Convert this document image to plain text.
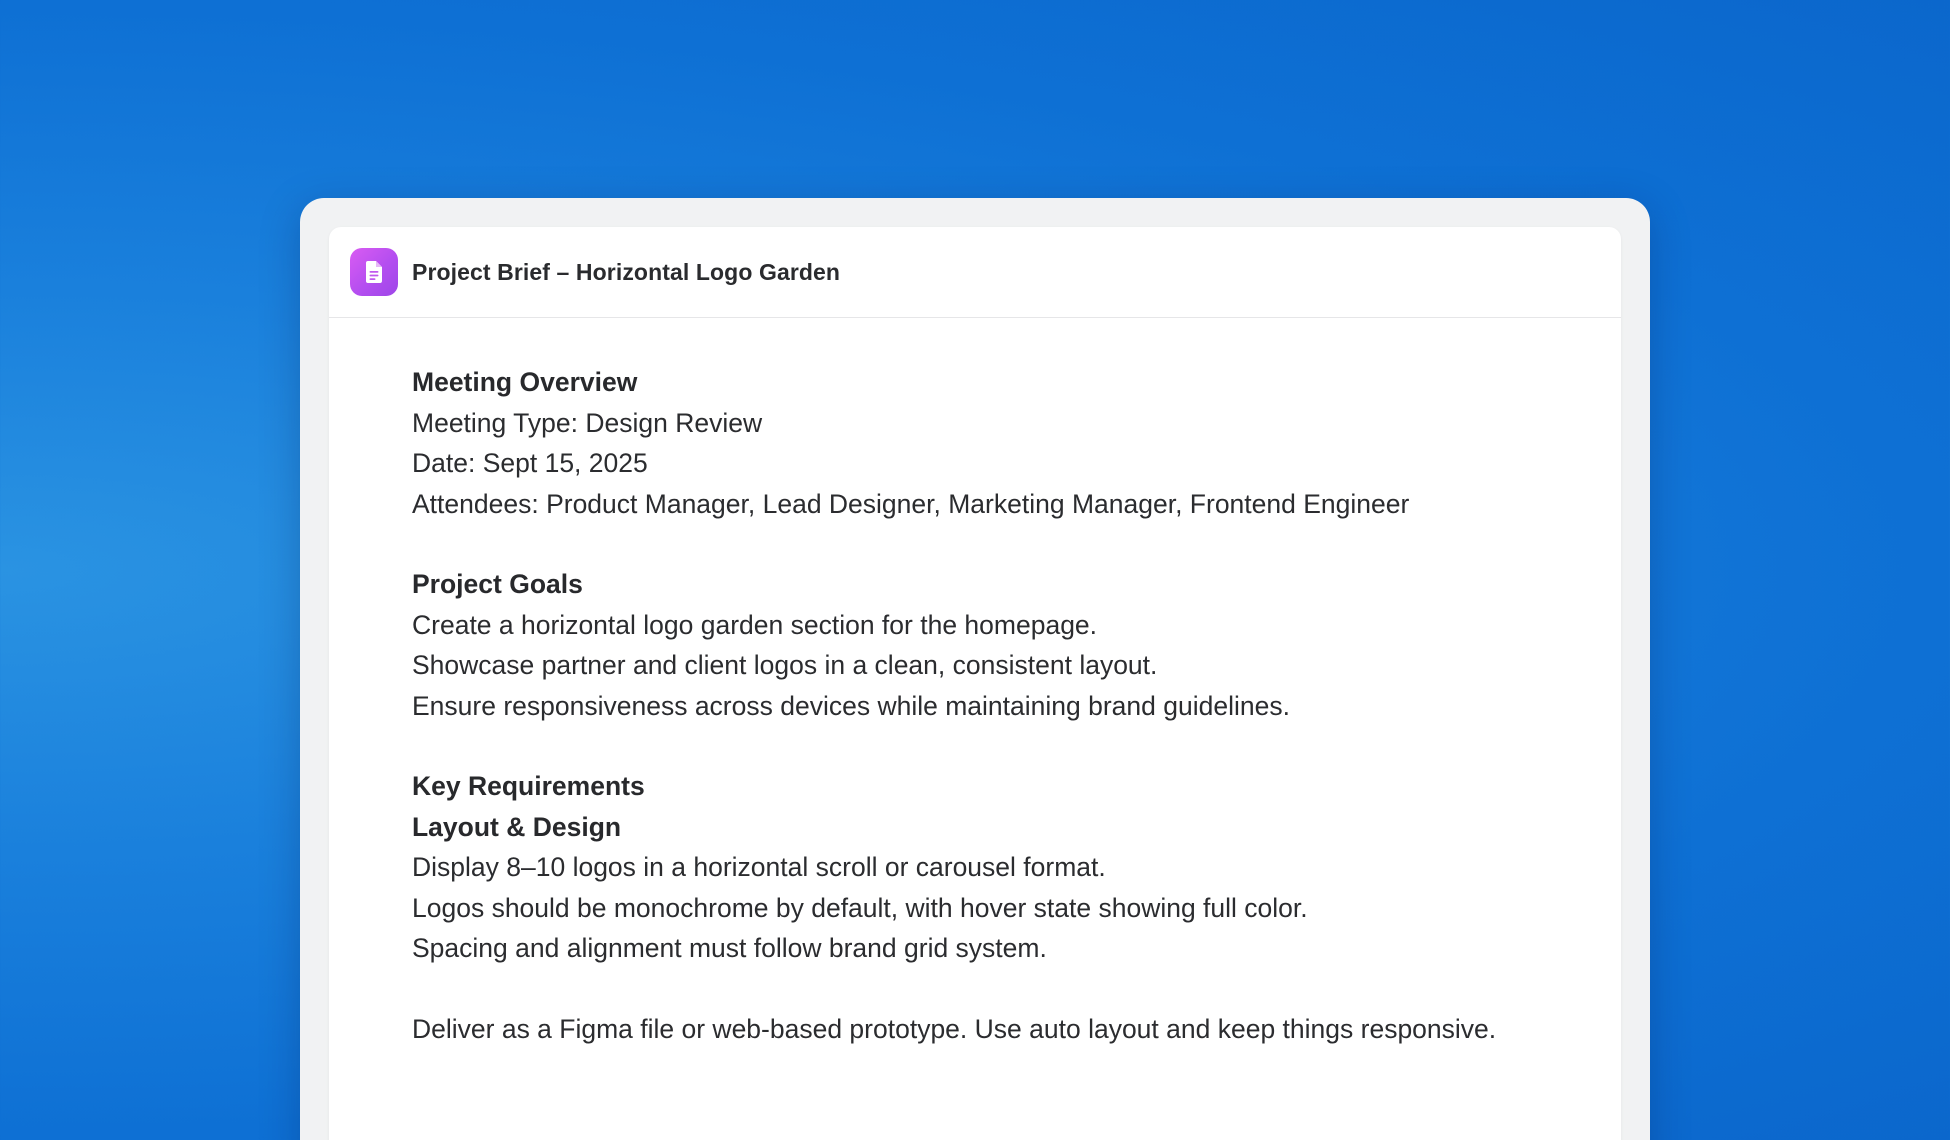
Project Brief – Horizontal Logo Garden
Meeting Overview

Meeting Type: Design Review

Date: Sept 15, 2025

Attendees: Product Manager, Lead Designer, Marketing Manager, Frontend Engineer

Project Goals

Create a horizontal logo garden section for the homepage.

Showcase partner and client logos in a clean, consistent layout.

Ensure responsiveness across devices while maintaining brand guidelines.

Key Requirements
Layout & Design

Display 8–10 logos in a horizontal scroll or carousel format.

Logos should be monochrome by default, with hover state showing full color.

Spacing and alignment must follow brand grid system.

Deliver as a Figma file or web-based prototype. Use auto layout and keep things responsive.
